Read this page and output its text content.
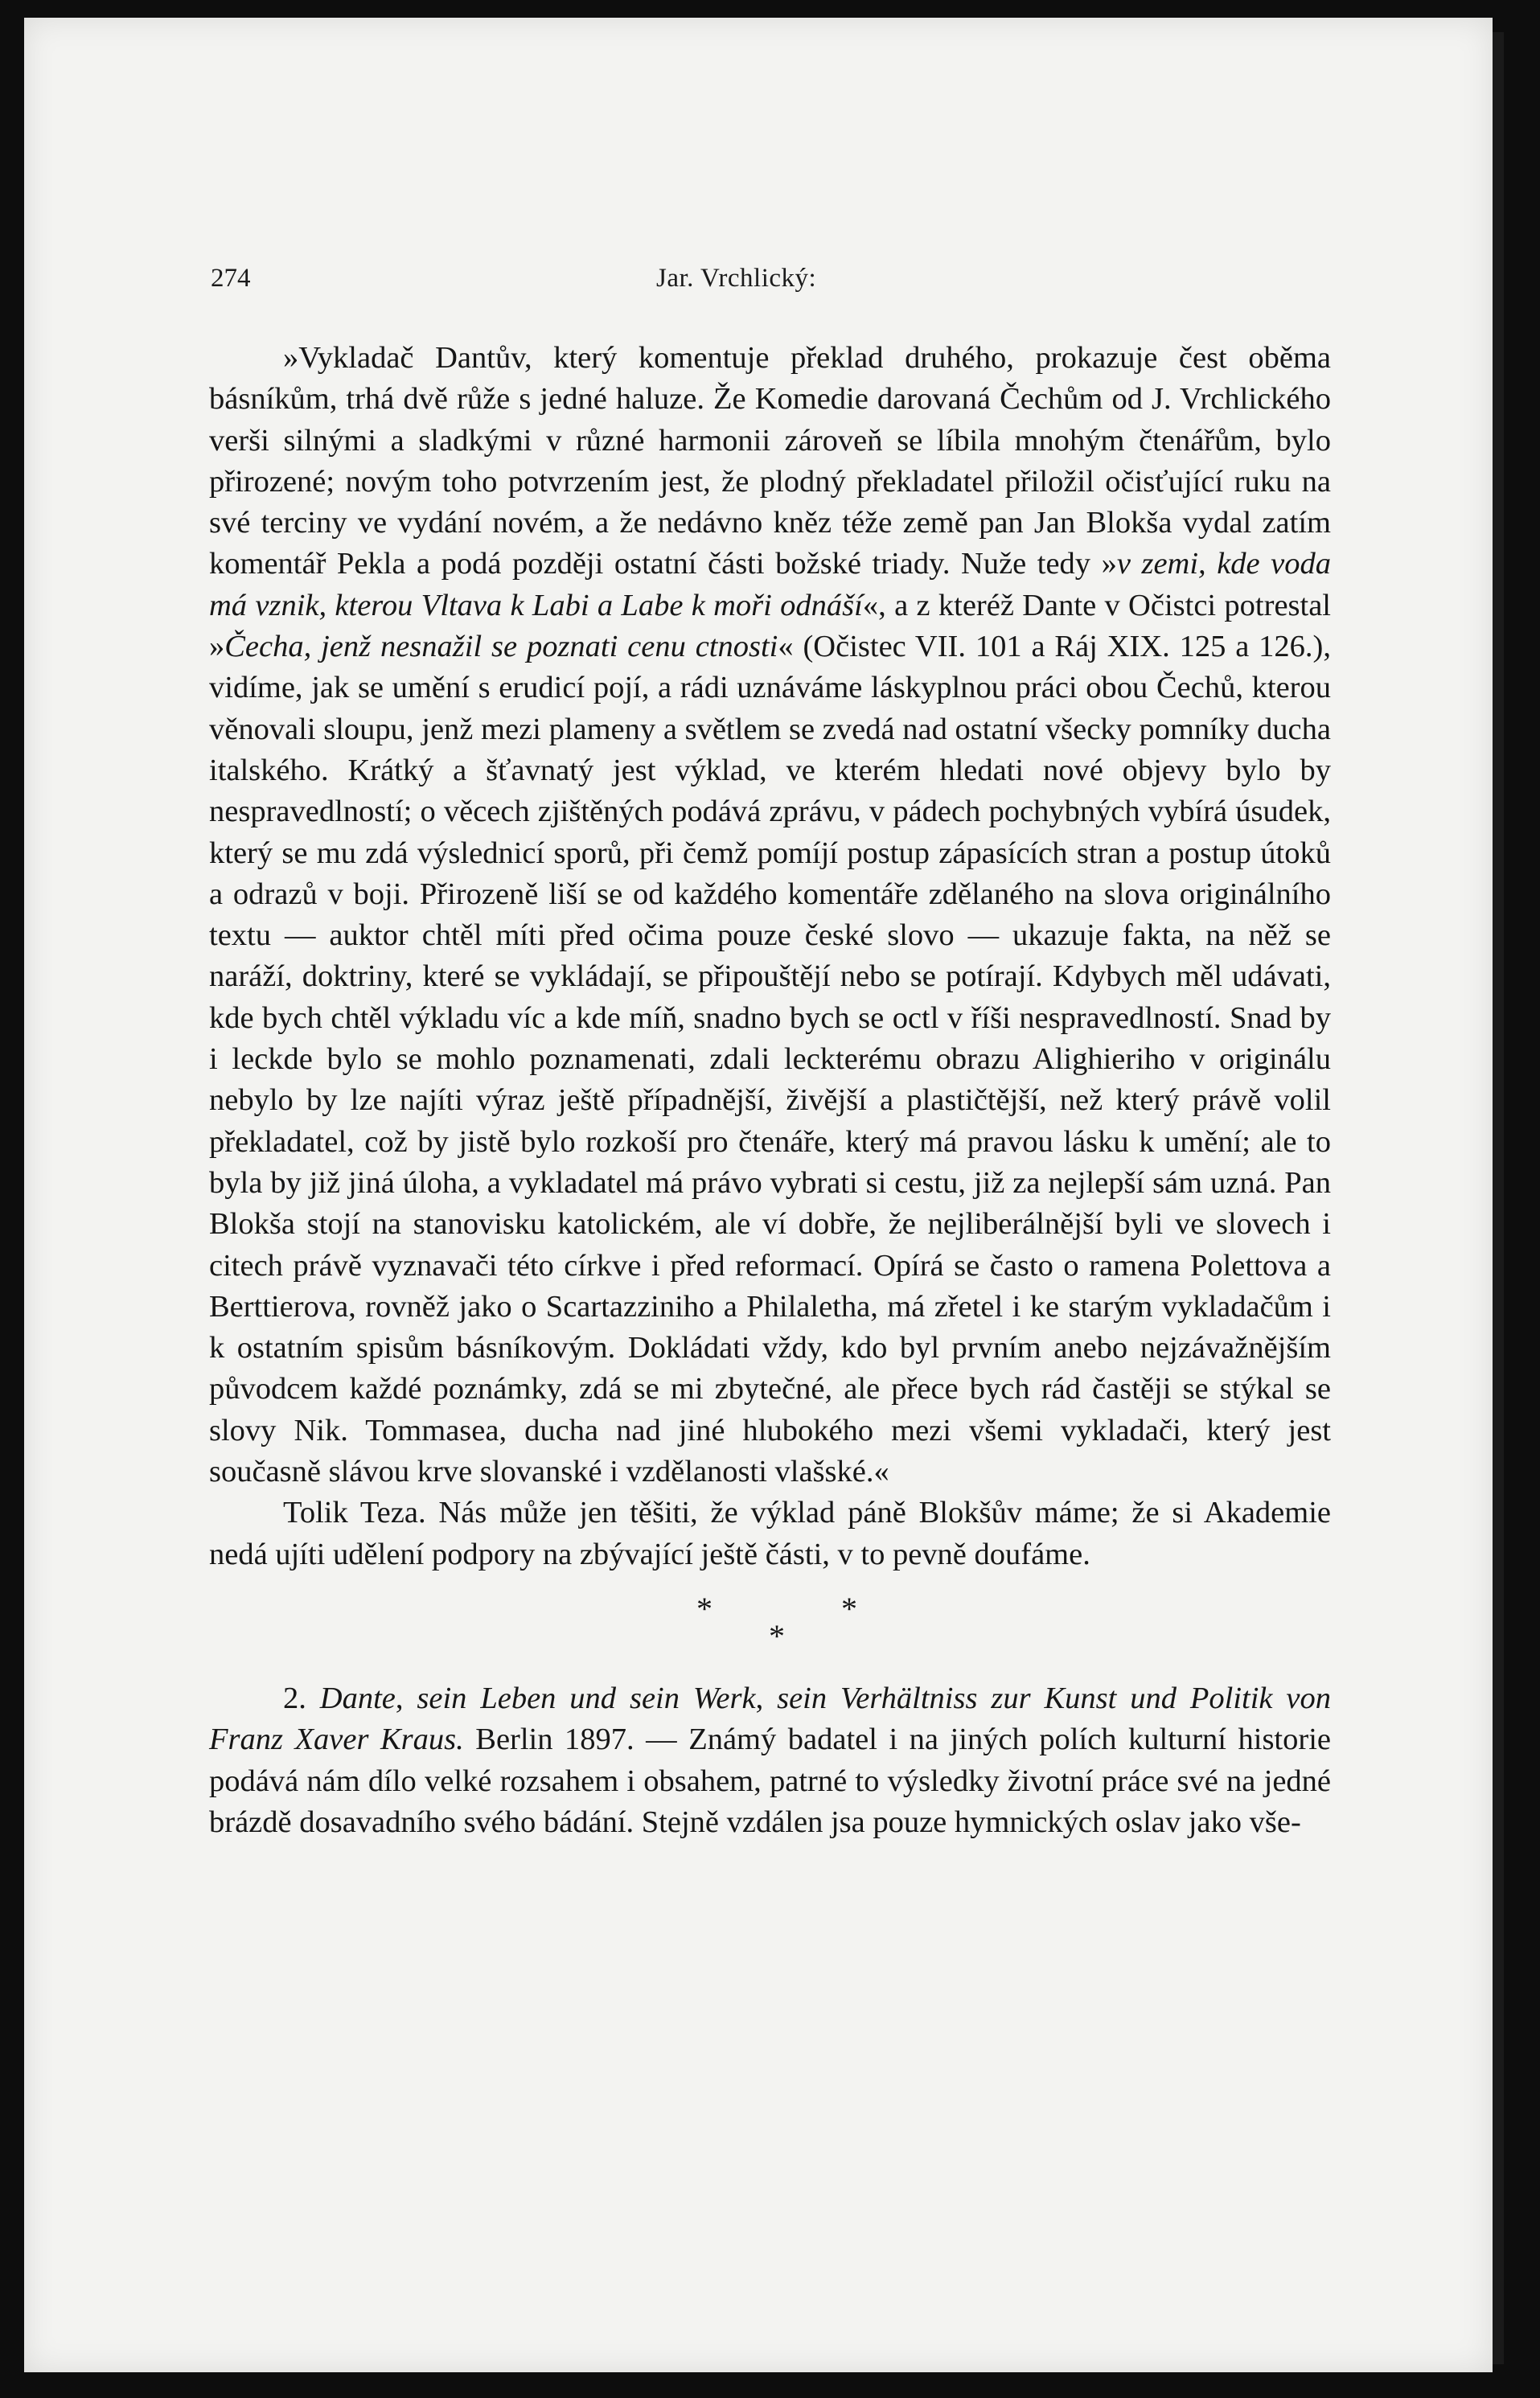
274	Jar. Vrchlický:

»Vykladač Dantův, který komentuje překlad druhého, prokazuje čest oběma básníkům, trhá dvě růže s jedné haluze. Že Komedie darovaná Čechům od J. Vrchlického verši silnými a sladkými v různé harmonii zároveň se líbila mnohým čtenářům, bylo přirozené; novým toho potvrzením jest, že plodný překladatel přiložil očisťující ruku na své terciny ve vydání novém, a že nedávno kněz téže země pan Jan Blokša vydal zatím komentář Pekla a podá později ostatní části božské triady. Nuže tedy »v zemi, kde voda má vznik, kterou Vltava k Labi a Labe k moři odnáší«, a z kteréž Dante v Očistci potrestal »Čecha, jenž nesnažil se poznati cenu ctnosti« (Očistec VII. 101 a Ráj XIX. 125 a 126.), vidíme, jak se umění s erudicí pojí, a rádi uznáváme láskyplnou práci obou Čechů, kterou věnovali sloupu, jenž mezi plameny a světlem se zvedá nad ostatní všecky pomníky ducha italského. Krátký a šťavnatý jest výklad, ve kterém hledati nové objevy bylo by nespravedlností; o věcech zjištěných podává zprávu, v pádech pochybných vybírá úsudek, který se mu zdá výslednicí sporů, při čemž pomíjí postup zápasících stran a postup útoků a odrazů v boji. Přirozeně liší se od každého komentáře zdělaného na slova originálního textu — auktor chtěl míti před očima pouze české slovo — ukazuje fakta, na něž se naráží, doktriny, které se vykládají, se připouštějí nebo se potírají. Kdybych měl udávati, kde bych chtěl výkladu víc a kde míň, snadno bych se octl v říši nespravedlností. Snad by i leckde bylo se mohlo poznamenati, zdali leckterému obrazu Alighieriho v originálu nebylo by lze najíti výraz ještě případnější, živější a plastičtější, než který právě volil překladatel, což by jistě bylo rozkoší pro čtenáře, který má pravou lásku k umění; ale to byla by již jiná úloha, a vykladatel má právo vybrati si cestu, již za nejlepší sám uzná. Pan Blokša stojí na stanovisku katolickém, ale ví dobře, že nejliberálnější byli ve slovech i citech právě vyznavači této církve i před reformací. Opírá se často o ramena Polettova a Berttierova, rovněž jako o Scartazziniho a Philaletha, má zřetel i ke starým vykladačům i k ostatním spisům básníkovým. Dokládati vždy, kdo byl prvním anebo nejzávažnějším původcem každé poznámky, zdá se mi zbytečné, ale přece bych rád častěji se stýkal se slovy Nik. Tommasea, ducha nad jiné hlubokého mezi všemi vykladači, který jest současně slávou krve slovanské i vzdělanosti vlašské.«

Tolik Teza. Nás může jen těšiti, že výklad páně Blokšův máme; že si Akademie nedá ujíti udělení podpory na zbývající ještě části, v to pevně doufáme.

*
*
*

2. Dante, sein Leben und sein Werk, sein Verhältniss zur Kunst und Politik von Franz Xaver Kraus. Berlin 1897. — Známý badatel i na jiných polích kulturní historie podává nám dílo velké rozsahem i obsahem, patrné to výsledky životní práce své na jedné brázdě dosavadního svého bádání. Stejně vzdálen jsa pouze hymnických oslav jako vše-
